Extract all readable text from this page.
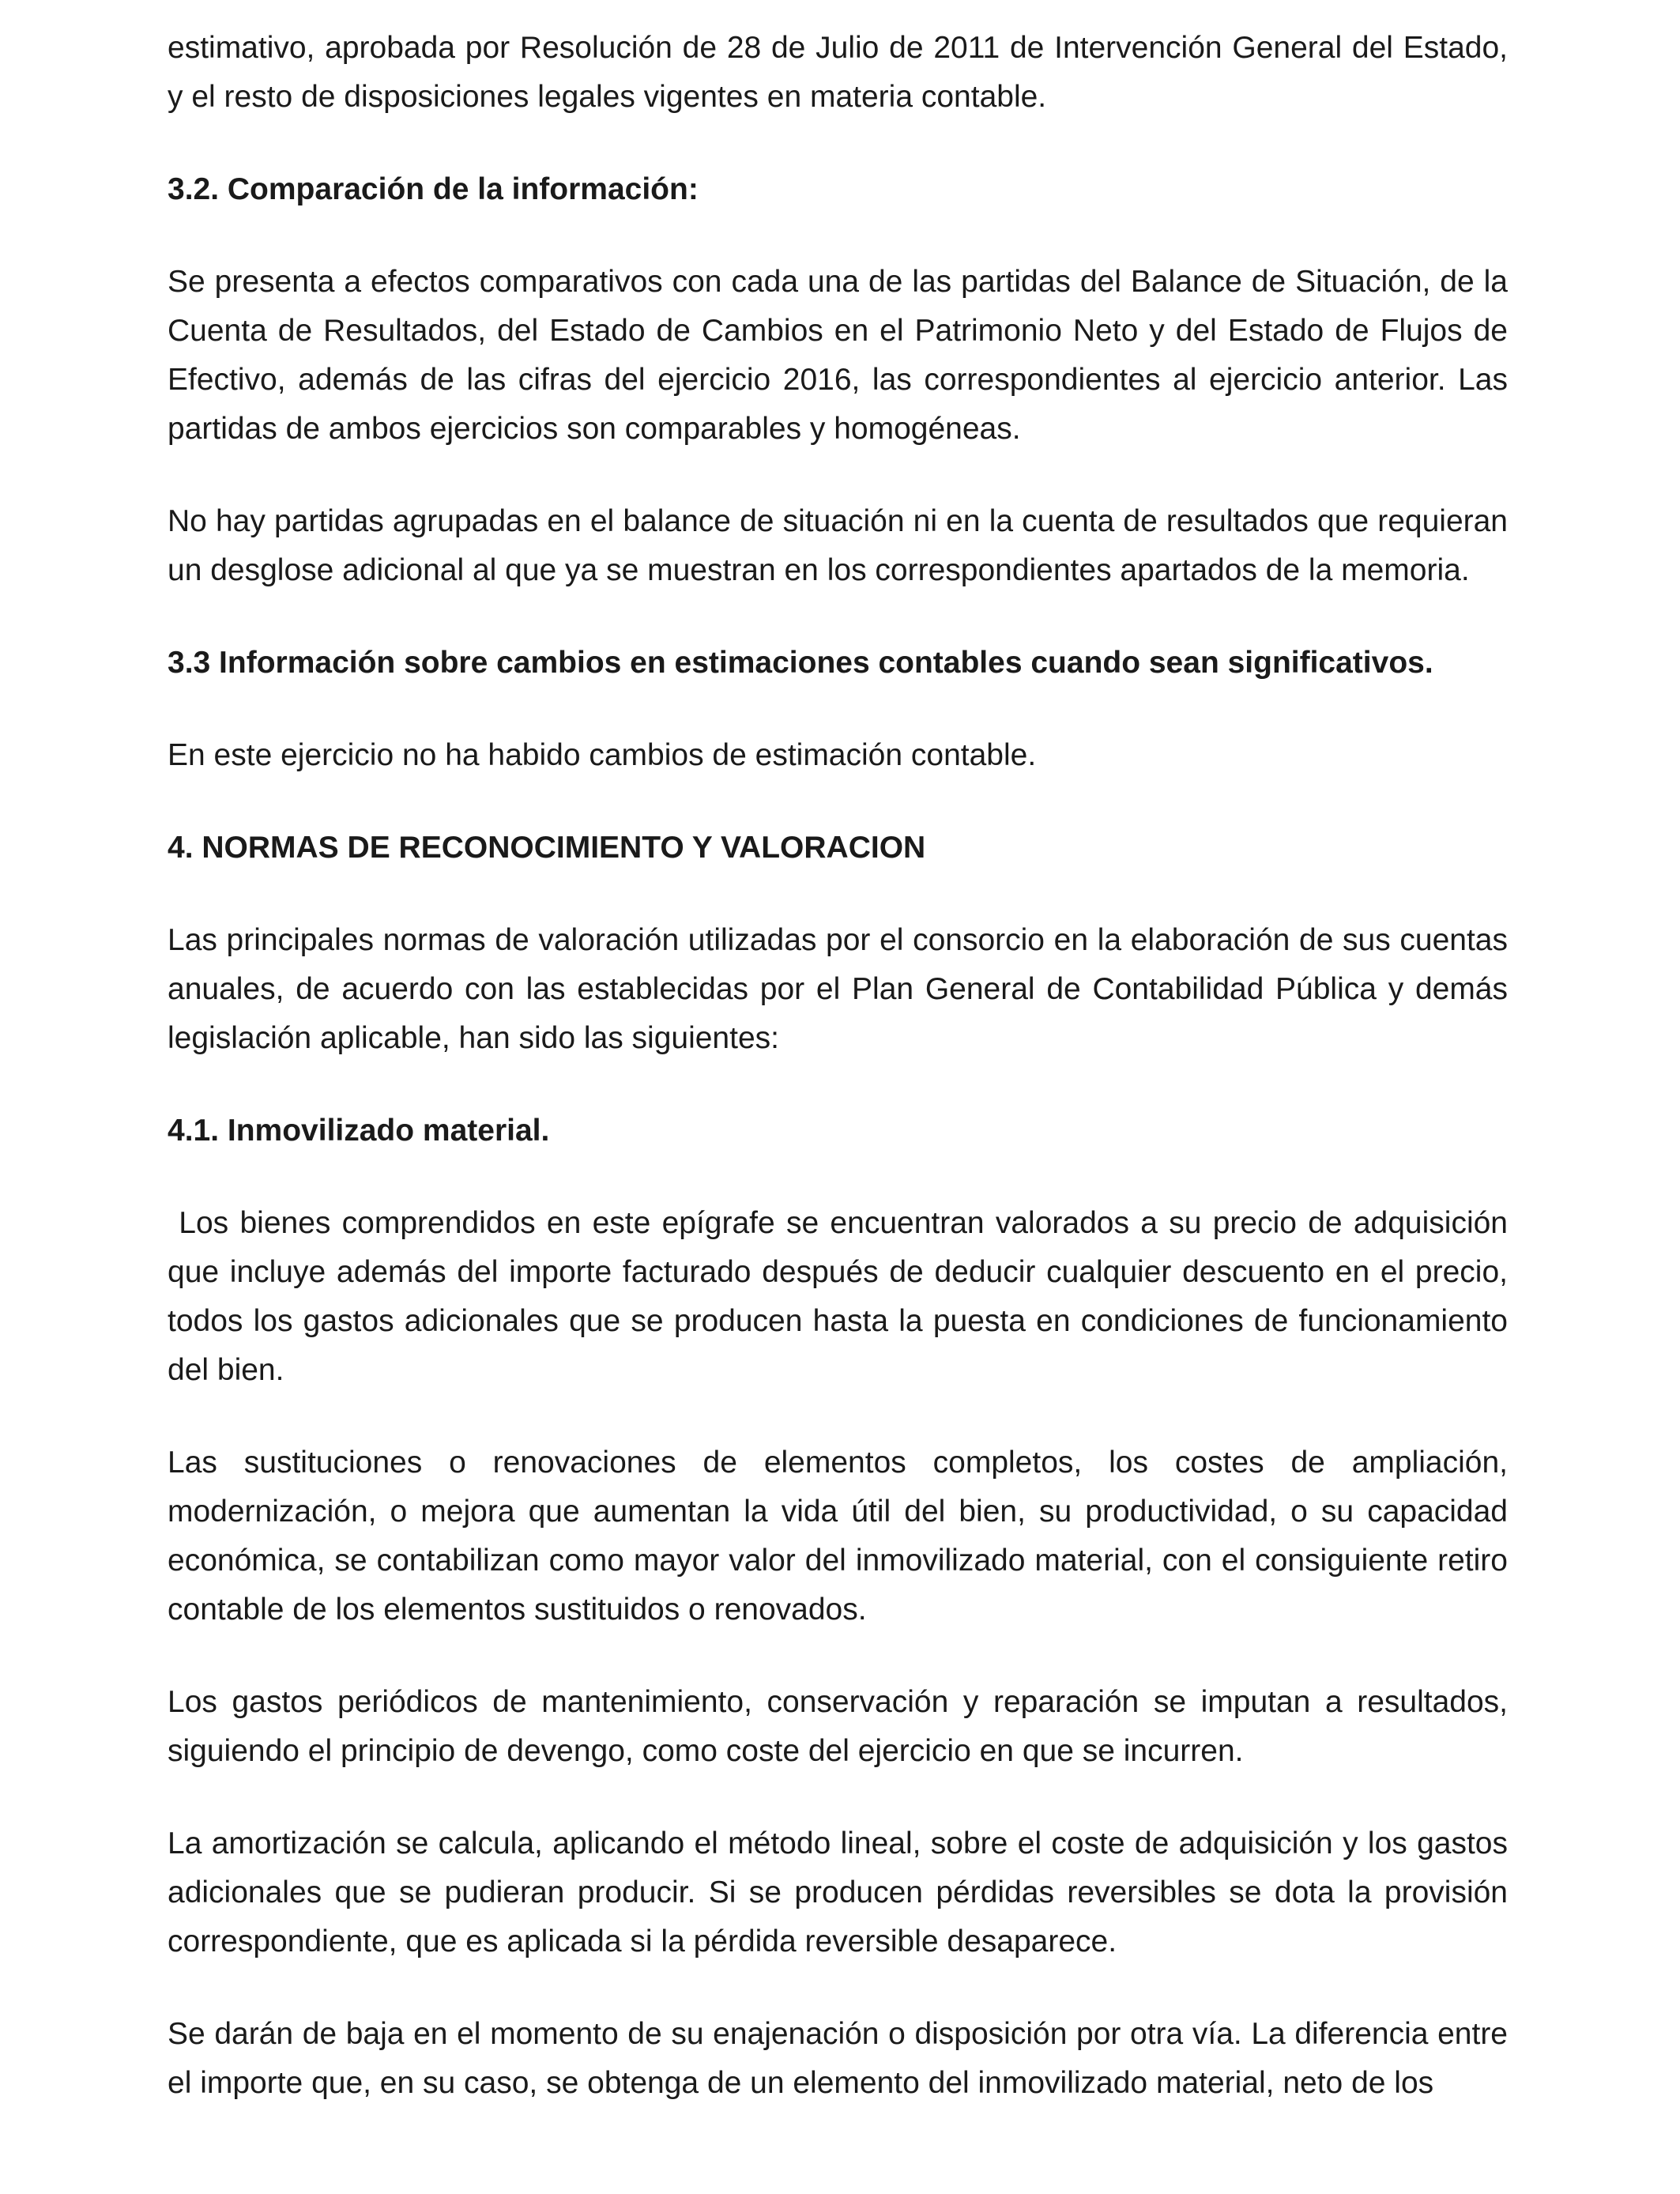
estimativo, aprobada por Resolución de 28 de Julio de 2011 de Intervención General del Estado, y el resto de disposiciones legales vigentes en materia contable.

3.2. Comparación de la información:

Se presenta a efectos comparativos con cada una de las partidas del Balance de Situación, de la Cuenta de Resultados, del Estado de Cambios en el Patrimonio Neto y del Estado de Flujos de Efectivo, además de las cifras del ejercicio 2016, las correspondientes al ejercicio anterior. Las partidas de ambos ejercicios son comparables y homogéneas.

No hay partidas agrupadas en el balance de situación ni en la cuenta de resultados que requieran un desglose adicional al que ya se muestran en los correspondientes apartados de la memoria.

3.3 Información sobre cambios en estimaciones contables cuando sean significativos.

En este ejercicio no ha habido cambios de estimación contable.

4. NORMAS DE RECONOCIMIENTO Y VALORACION

Las principales normas de valoración utilizadas por el consorcio en la elaboración de sus cuentas anuales, de acuerdo con las establecidas por el Plan General de Contabilidad Pública y demás legislación aplicable, han sido las siguientes:

4.1. Inmovilizado material.

Los bienes comprendidos en este epígrafe se encuentran valorados a su precio de adquisición que incluye además del importe facturado después de deducir cualquier descuento en el precio, todos los gastos adicionales que se producen hasta la puesta en condiciones de funcionamiento del bien.

Las sustituciones o renovaciones de elementos completos, los costes de ampliación, modernización, o mejora que aumentan la vida útil del bien, su productividad, o su capacidad económica, se contabilizan como mayor valor del inmovilizado material, con el consiguiente retiro contable de los elementos sustituidos o renovados.

Los gastos periódicos de mantenimiento, conservación y reparación se imputan a resultados, siguiendo el principio de devengo, como coste del ejercicio en que se incurren.

La amortización se calcula, aplicando el método lineal, sobre el coste de adquisición y los gastos adicionales que se pudieran producir. Si se producen pérdidas reversibles se dota la provisión correspondiente, que es aplicada si la pérdida reversible desaparece.

Se darán de baja en el momento de su enajenación o disposición por otra vía. La diferencia entre el importe que, en su caso, se obtenga de un elemento del inmovilizado material, neto de los
